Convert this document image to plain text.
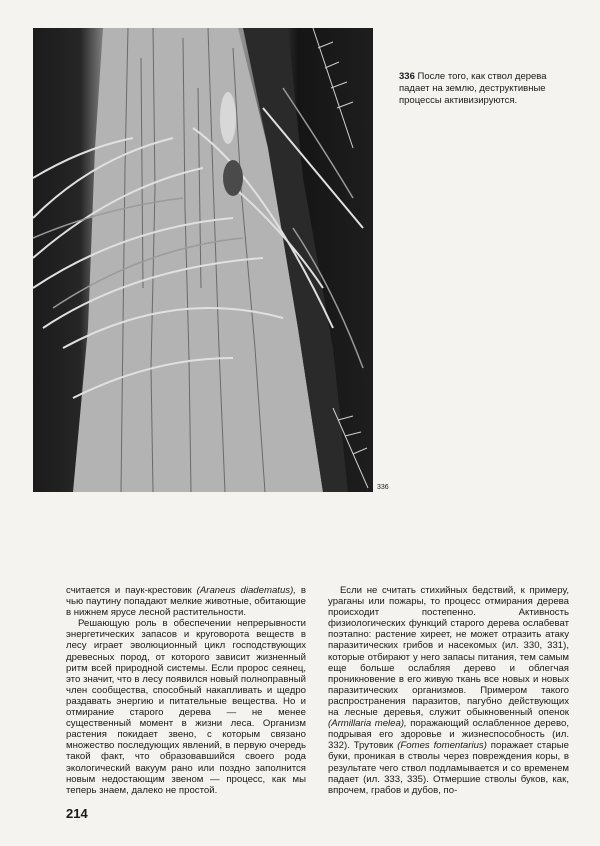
336
336 После того, как ствол дерева падает на землю, деструктивные процессы активизируются.

считается и паук-крестовик (Araneus diadematus), в чью паутину попадают мелкие животные, обитающие в нижнем ярусе лесной растительности.

Решающую роль в обеспечении непрерывности энергетических запасов и круговорота веществ в лесу играет эволюционный цикл господствующих древесных пород, от которого зависит жизненный ритм всей природной системы. Если пророс сеянец, это значит, что в лесу появился новый полноправный член сообщества, способный накапливать и щедро раздавать энергию и питательные вещества. Но и отмирание старого дерева — не менее существенный момент в жизни леса. Организм растения покидает звено, с которым связано множество последующих явлений, в первую очередь такой факт, что образовавшийся своего рода экологический вакуум рано или поздно заполнится новым недостающим звеном — процесс, как мы теперь знаем, далеко не простой.

Если не считать стихийных бедствий, к примеру, ураганы или пожары, то процесс отмирания дерева происходит постепенно. Активность физиологических функций старого дерева ослабеват поэтапно: растение хиреет, не может отразить атаку паразитических грибов и насекомых (ил. 330, 331), которые отбирают у него запасы питания, тем самым еще больше ослабляя дерево и облегчая проникновение в его живую ткань все новых и новых паразитических организмов. Примером такого распространения паразитов, пагубно действующих на лесные деревья, служит обыкновенный опенок (Armillaria melea), поражающий ослабленное дерево, подрывая его здоровье и жизнеспособность (ил. 332). Трутовик (Fomes fomentarius) поражает старые буки, проникая в стволы через повреждения коры, в результате чего ствол подламывается и со временем падает (ил. 333, 335). Отмершие стволы буков, как, впрочем, грабов и дубов, по-

214
